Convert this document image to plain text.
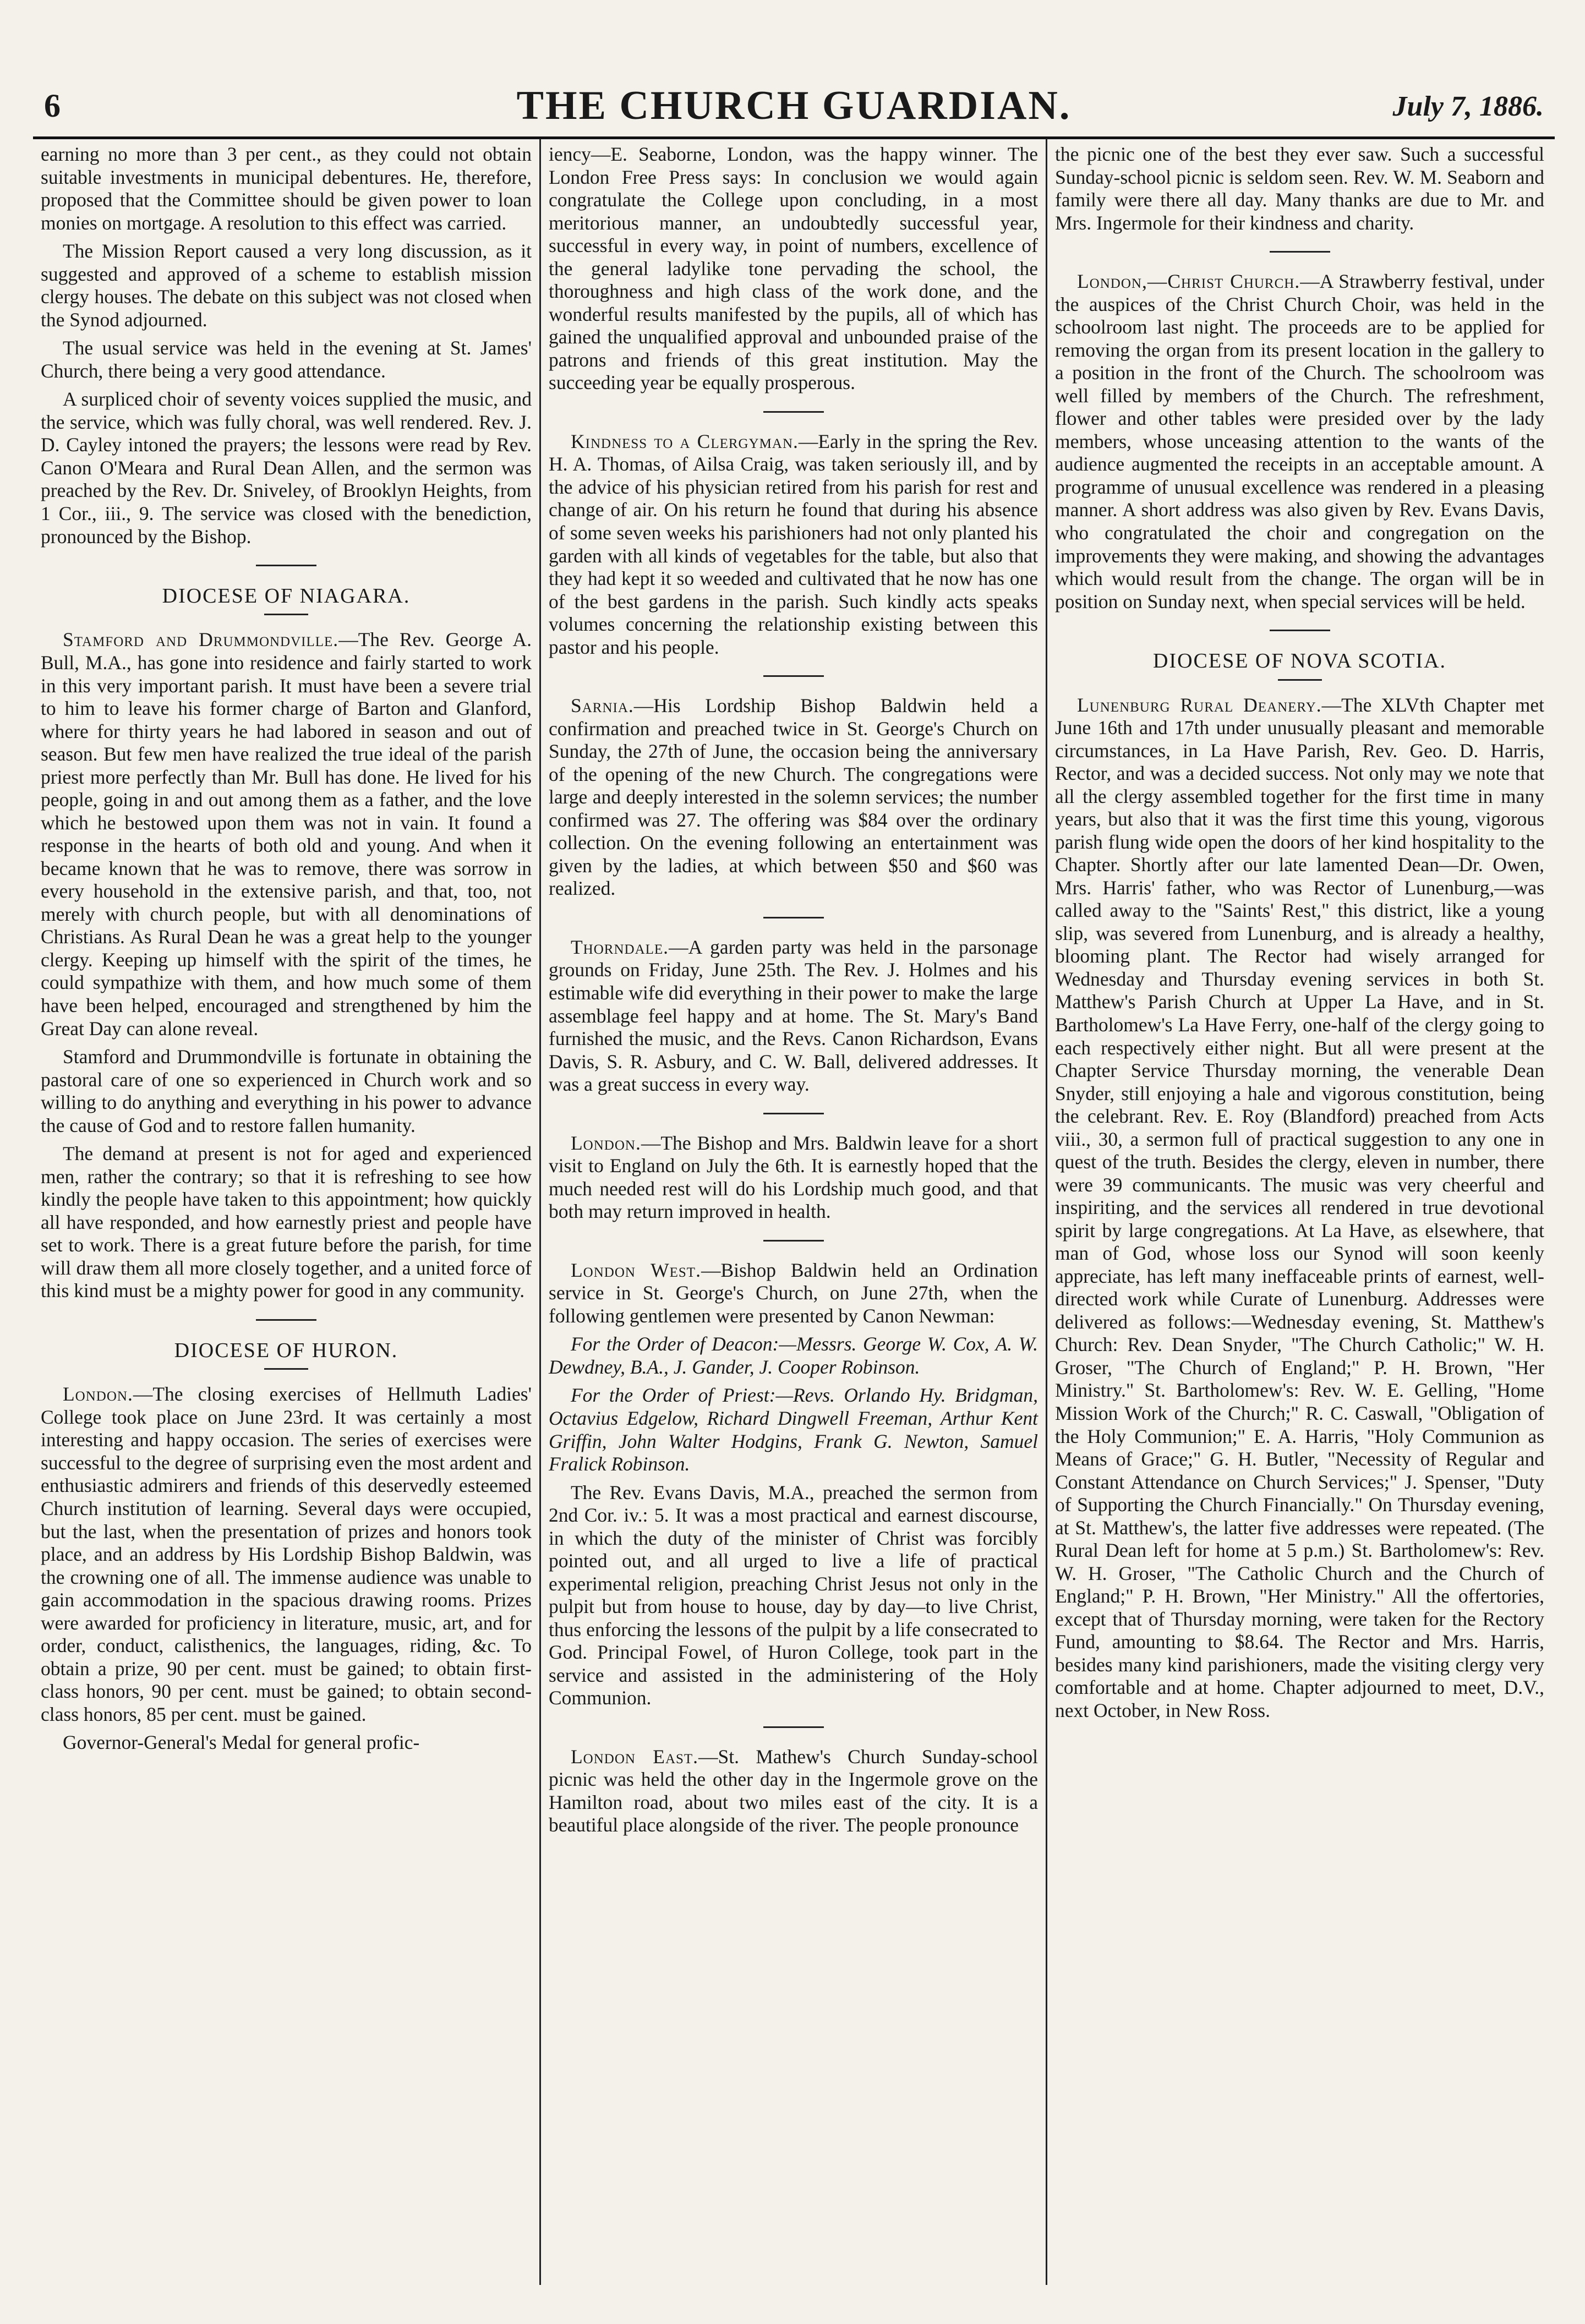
6	THE CHURCH GUARDIAN.	July 7, 1886.

earning no more than 3 per cent., as they could not obtain suitable investments in municipal debentures. He, therefore, proposed that the Committee should be given power to loan monies on mortgage. A resolution to this effect was carried.

The Mission Report caused a very long discussion, as it suggested and approved of a scheme to establish mission clergy houses. The debate on this subject was not closed when the Synod adjourned.

The usual service was held in the evening at St. James' Church, there being a very good attendance.

A surpliced choir of seventy voices supplied the music, and the service, which was fully choral, was well rendered. Rev. J. D. Cayley intoned the prayers; the lessons were read by Rev. Canon O'Meara and Rural Dean Allen, and the sermon was preached by the Rev. Dr. Sniveley, of Brooklyn Heights, from 1 Cor., iii., 9. The service was closed with the benediction, pronounced by the Bishop.

DIOCESE OF NIAGARA.

Stamford and Drummondville.—The Rev. George A. Bull, M.A., has gone into residence and fairly started to work in this very important parish. It must have been a severe trial to him to leave his former charge of Barton and Glanford, where for thirty years he had labored in season and out of season. But few men have realized the true ideal of the parish priest more perfectly than Mr. Bull has done. He lived for his people, going in and out among them as a father, and the love which he bestowed upon them was not in vain. It found a response in the hearts of both old and young. And when it became known that he was to remove, there was sorrow in every household in the extensive parish, and that, too, not merely with church people, but with all denominations of Christians. As Rural Dean he was a great help to the younger clergy. Keeping up himself with the spirit of the times, he could sympathize with them, and how much some of them have been helped, encouraged and strengthened by him the Great Day can alone reveal.

Stamford and Drummondville is fortunate in obtaining the pastoral care of one so experienced in Church work and so willing to do anything and everything in his power to advance the cause of God and to restore fallen humanity.

The demand at present is not for aged and experienced men, rather the contrary; so that it is refreshing to see how kindly the people have taken to this appointment; how quickly all have responded, and how earnestly priest and people have set to work. There is a great future before the parish, for time will draw them all more closely together, and a united force of this kind must be a mighty power for good in any community.

DIOCESE OF HURON.

London.—The closing exercises of Hellmuth Ladies' College took place on June 23rd. It was certainly a most interesting and happy occasion. The series of exercises were successful to the degree of surprising even the most ardent and enthusiastic admirers and friends of this deservedly esteemed Church institution of learning. Several days were occupied, but the last, when the presentation of prizes and honors took place, and an address by His Lordship Bishop Baldwin, was the crowning one of all. The immense audience was unable to gain accommodation in the spacious drawing rooms. Prizes were awarded for proficiency in literature, music, art, and for order, conduct, calisthenics, the languages, riding, &c. To obtain a prize, 90 per cent. must be gained; to obtain first-class honors, 90 per cent. must be gained; to obtain second-class honors, 85 per cent. must be gained.

Governor-General's Medal for general profic-

iency—E. Seaborne, London, was the happy winner. The London Free Press says: In conclusion we would again congratulate the College upon concluding, in a most meritorious manner, an undoubtedly successful year, successful in every way, in point of numbers, excellence of the general ladylike tone pervading the school, the thoroughness and high class of the work done, and the wonderful results manifested by the pupils, all of which has gained the unqualified approval and unbounded praise of the patrons and friends of this great institution. May the succeeding year be equally prosperous.

Kindness to a Clergyman.—Early in the spring the Rev. H. A. Thomas, of Ailsa Craig, was taken seriously ill, and by the advice of his physician retired from his parish for rest and change of air. On his return he found that during his absence of some seven weeks his parishioners had not only planted his garden with all kinds of vegetables for the table, but also that they had kept it so weeded and cultivated that he now has one of the best gardens in the parish. Such kindly acts speaks volumes concerning the relationship existing between this pastor and his people.

Sarnia.—His Lordship Bishop Baldwin held a confirmation and preached twice in St. George's Church on Sunday, the 27th of June, the occasion being the anniversary of the opening of the new Church. The congregations were large and deeply interested in the solemn services; the number confirmed was 27. The offering was $84 over the ordinary collection. On the evening following an entertainment was given by the ladies, at which between $50 and $60 was realized.

Thorndale.—A garden party was held in the parsonage grounds on Friday, June 25th. The Rev. J. Holmes and his estimable wife did everything in their power to make the large assemblage feel happy and at home. The St. Mary's Band furnished the music, and the Revs. Canon Richardson, Evans Davis, S. R. Asbury, and C. W. Ball, delivered addresses. It was a great success in every way.

London.—The Bishop and Mrs. Baldwin leave for a short visit to England on July the 6th. It is earnestly hoped that the much needed rest will do his Lordship much good, and that both may return improved in health.

London West.—Bishop Baldwin held an Ordination service in St. George's Church, on June 27th, when the following gentlemen were presented by Canon Newman:

For the Order of Deacon:—Messrs. George W. Cox, A. W. Dewdney, B.A., J. Gander, J. Cooper Robinson.

For the Order of Priest:—Revs. Orlando Hy. Bridgman, Octavius Edgelow, Richard Dingwell Freeman, Arthur Kent Griffin, John Walter Hodgins, Frank G. Newton, Samuel Fralick Robinson.

The Rev. Evans Davis, M.A., preached the sermon from 2nd Cor. iv.: 5. It was a most practical and earnest discourse, in which the duty of the minister of Christ was forcibly pointed out, and all urged to live a life of practical experimental religion, preaching Christ Jesus not only in the pulpit but from house to house, day by day—to live Christ, thus enforcing the lessons of the pulpit by a life consecrated to God. Principal Fowel, of Huron College, took part in the service and assisted in the administering of the Holy Communion.

London East.—St. Mathew's Church Sunday-school picnic was held the other day in the Ingermole grove on the Hamilton road, about two miles east of the city. It is a beautiful place alongside of the river. The people pronounce

the picnic one of the best they ever saw. Such a successful Sunday-school picnic is seldom seen. Rev. W. M. Seaborn and family were there all day. Many thanks are due to Mr. and Mrs. Ingermole for their kindness and charity.

London,—Christ Church.—A Strawberry festival, under the auspices of the Christ Church Choir, was held in the schoolroom last night. The proceeds are to be applied for removing the organ from its present location in the gallery to a position in the front of the Church. The schoolroom was well filled by members of the Church. The refreshment, flower and other tables were presided over by the lady members, whose unceasing attention to the wants of the audience augmented the receipts in an acceptable amount. A programme of unusual excellence was rendered in a pleasing manner. A short address was also given by Rev. Evans Davis, who congratulated the choir and congregation on the improvements they were making, and showing the advantages which would result from the change. The organ will be in position on Sunday next, when special services will be held.

DIOCESE OF NOVA SCOTIA.

Lunenburg Rural Deanery.—The XLVth Chapter met June 16th and 17th under unusually pleasant and memorable circumstances, in La Have Parish, Rev. Geo. D. Harris, Rector, and was a decided success. Not only may we note that all the clergy assembled together for the first time in many years, but also that it was the first time this young, vigorous parish flung wide open the doors of her kind hospitality to the Chapter. Shortly after our late lamented Dean—Dr. Owen, Mrs. Harris' father, who was Rector of Lunenburg,—was called away to the "Saints' Rest," this district, like a young slip, was severed from Lunenburg, and is already a healthy, blooming plant. The Rector had wisely arranged for Wednesday and Thursday evening services in both St. Matthew's Parish Church at Upper La Have, and in St. Bartholomew's La Have Ferry, one-half of the clergy going to each respectively either night. But all were present at the Chapter Service Thursday morning, the venerable Dean Snyder, still enjoying a hale and vigorous constitution, being the celebrant. Rev. E. Roy (Blandford) preached from Acts viii., 30, a sermon full of practical suggestion to any one in quest of the truth. Besides the clergy, eleven in number, there were 39 communicants. The music was very cheerful and inspiriting, and the services all rendered in true devotional spirit by large congregations. At La Have, as elsewhere, that man of God, whose loss our Synod will soon keenly appreciate, has left many ineffaceable prints of earnest, well-directed work while Curate of Lunenburg. Addresses were delivered as follows:—Wednesday evening, St. Matthew's Church: Rev. Dean Snyder, "The Church Catholic;" W. H. Groser, "The Church of England;" P. H. Brown, "Her Ministry." St. Bartholomew's: Rev. W. E. Gelling, "Home Mission Work of the Church;" R. C. Caswall, "Obligation of the Holy Communion;" E. A. Harris, "Holy Communion as Means of Grace;" G. H. Butler, "Necessity of Regular and Constant Attendance on Church Services;" J. Spenser, "Duty of Supporting the Church Financially." On Thursday evening, at St. Matthew's, the latter five addresses were repeated. (The Rural Dean left for home at 5 p.m.) St. Bartholomew's: Rev. W. H. Groser, "The Catholic Church and the Church of England;" P. H. Brown, "Her Ministry." All the offertories, except that of Thursday morning, were taken for the Rectory Fund, amounting to $8.64. The Rector and Mrs. Harris, besides many kind parishioners, made the visiting clergy very comfortable and at home. Chapter adjourned to meet, D.V., next October, in New Ross.
